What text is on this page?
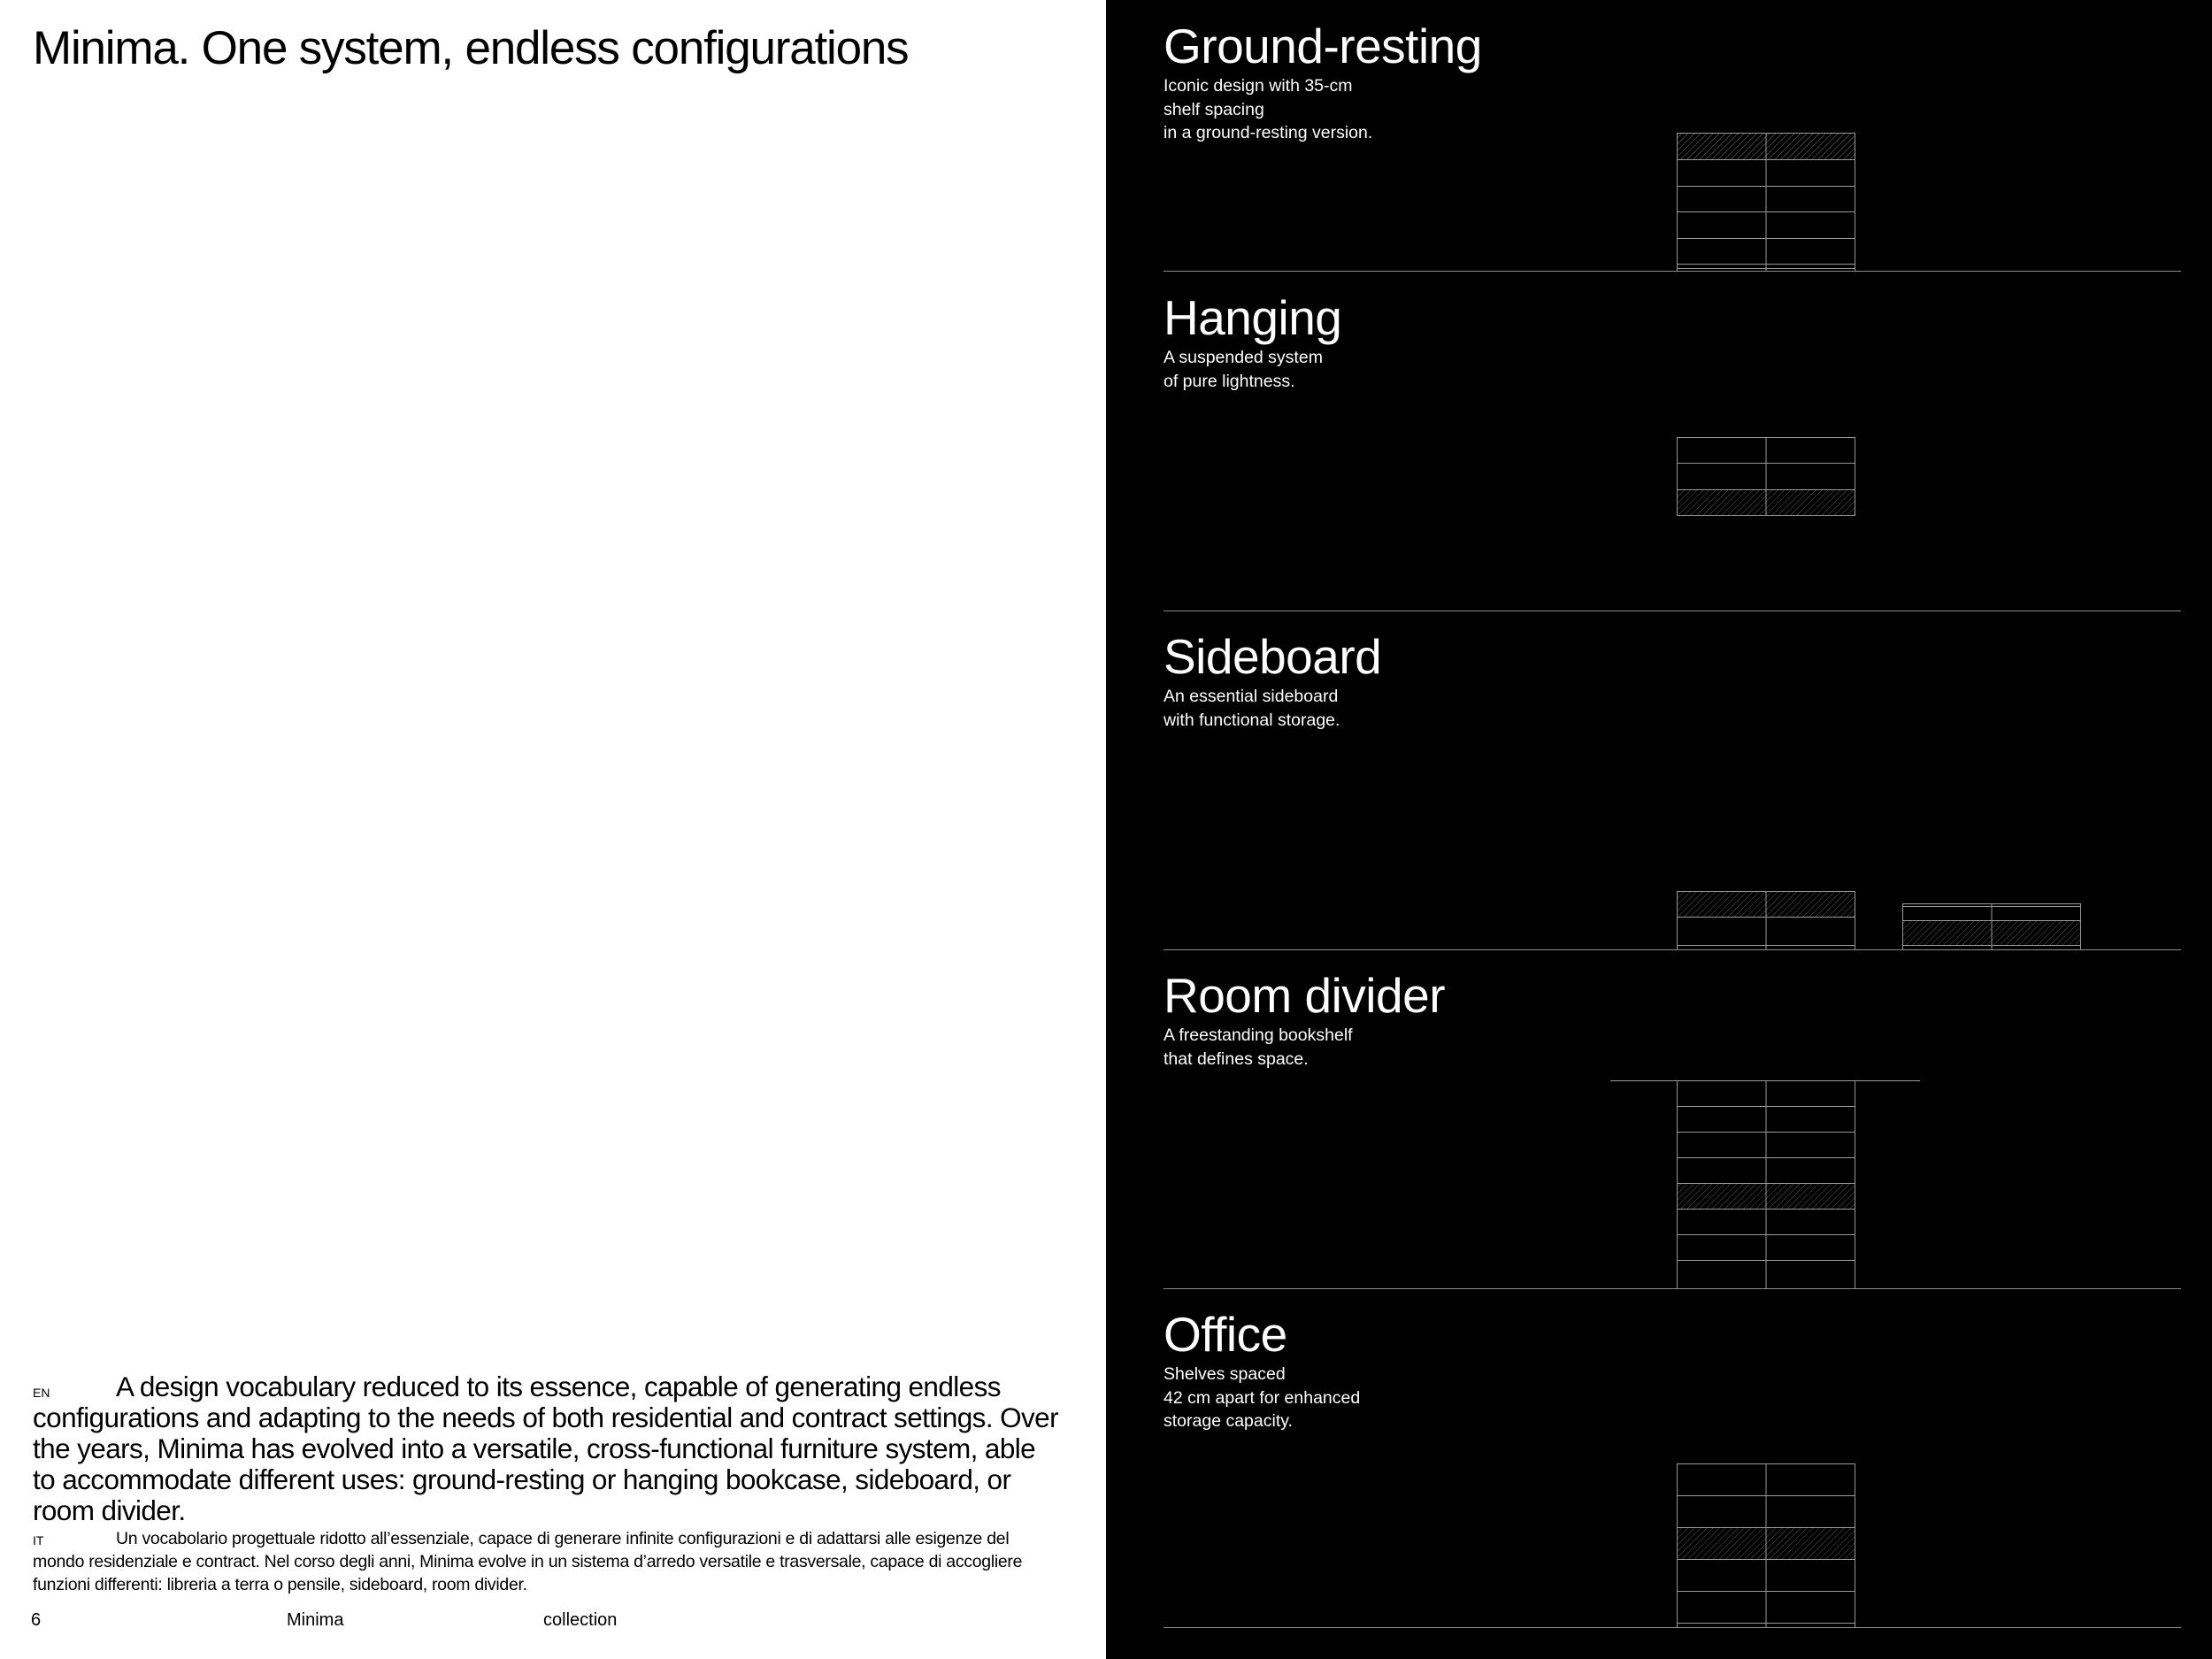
Minima. One system, endless configurations
EN	A design vocabulary reduced to its essence, capable of generating endless configurations and adapting to the needs of both residential and contract settings. Over the years, Minima has evolved into a versatile, cross-functional furniture system, able to accommodate different uses: ground-resting or hanging bookcase, sideboard, or room divider.

IT	Un vocabolario progettuale ridotto all’essenziale, capace di generare infinite configurazioni e di adattarsi alle esigenze del mondo residenziale e contract. Nel corso degli anni, Minima evolve in un sistema d’arredo versatile e trasversale, capace di accogliere funzioni differenti: libreria a terra o pensile, sideboard, room divider.

6	Minima	collection
Ground-resting
Iconic design with 35-cm
shelf spacing
in a ground-resting version.
Hanging
A suspended system
of pure lightness.
Sideboard
An essential sideboard
with functional storage.
Room divider
A freestanding bookshelf
that defines space.
Office
Shelves spaced
42 cm apart for enhanced
storage capacity.
